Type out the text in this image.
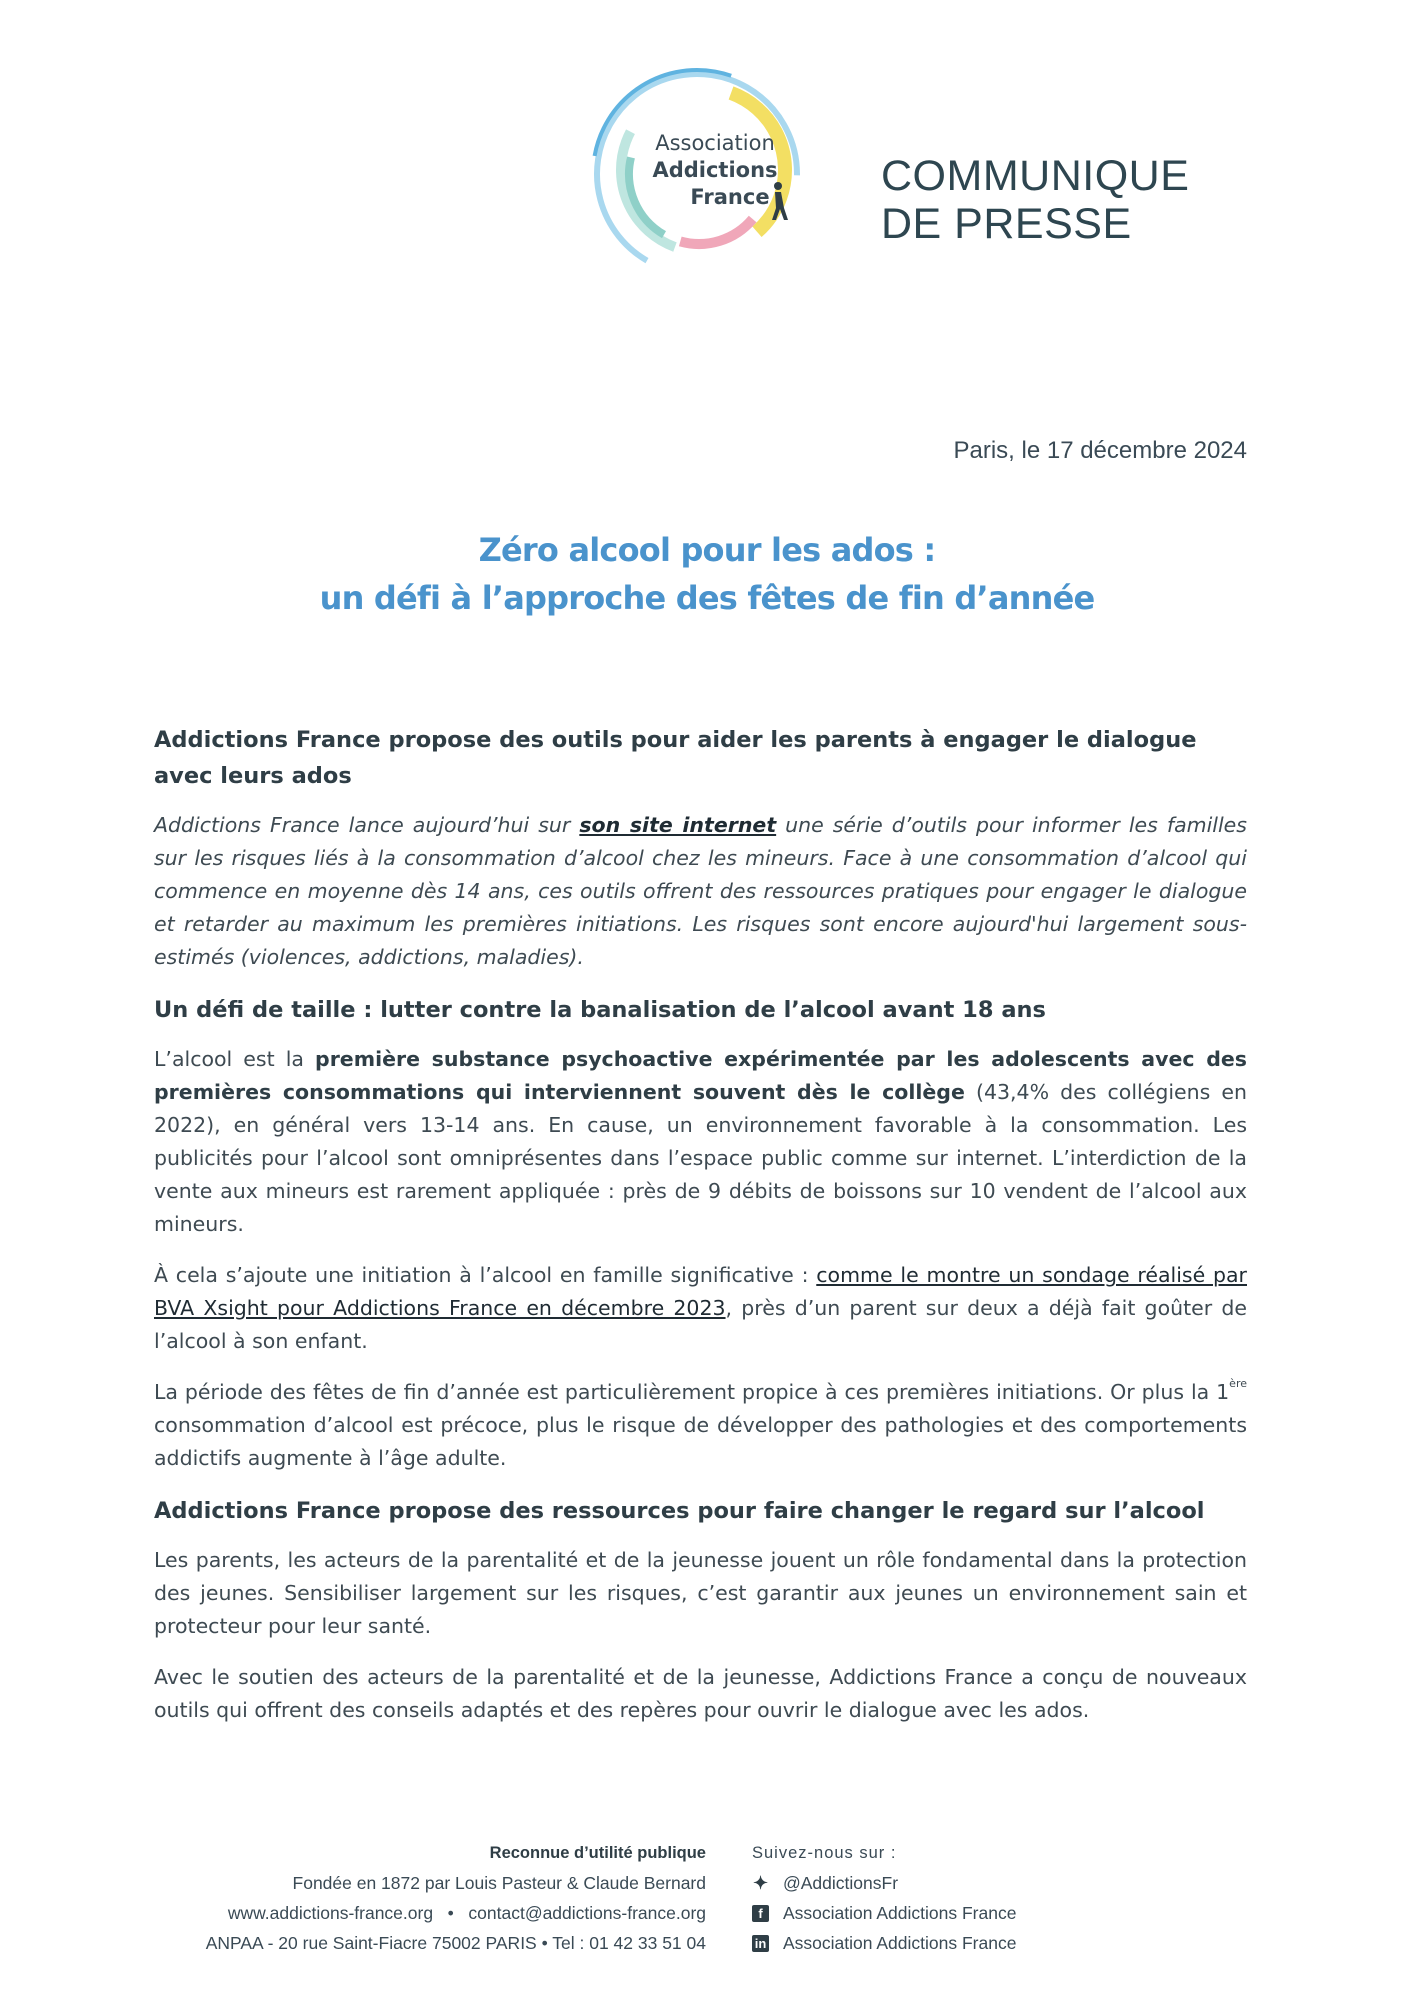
Association
Addictions
France	COMMUNIQUE
DE PRESSE
Paris, le 17 décembre 2024
Zéro alcool pour les ados :
un défi à l’approche des fêtes de fin d’année
Addictions France propose des outils pour aider les parents à engager le dialogue avec leurs ados

Addictions France lance aujourd’hui sur son site internet une série d’outils pour informer les familles sur les risques liés à la consommation d’alcool chez les mineurs. Face à une consommation d’alcool qui commence en moyenne dès 14 ans, ces outils offrent des ressources pratiques pour engager le dialogue et retarder au maximum les premières initiations. Les risques sont encore aujourd'hui largement sous-estimés (violences, addictions, maladies).

Un défi de taille : lutter contre la banalisation de l’alcool avant 18 ans

L’alcool est la première substance psychoactive expérimentée par les adolescents avec des premières consommations qui interviennent souvent dès le collège (43,4% des collégiens en 2022), en général vers 13-14 ans. En cause, un environnement favorable à la consommation. Les publicités pour l’alcool sont omniprésentes dans l’espace public comme sur internet. L’interdiction de la vente aux mineurs est rarement appliquée : près de 9 débits de boissons sur 10 vendent de l’alcool aux mineurs.

À cela s’ajoute une initiation à l’alcool en famille significative : comme le montre un sondage réalisé par BVA Xsight pour Addictions France en décembre 2023, près d’un parent sur deux a déjà fait goûter de l’alcool à son enfant.

La période des fêtes de fin d’année est particulièrement propice à ces premières initiations. Or plus la 1ère consommation d’alcool est précoce, plus le risque de développer des pathologies et des comportements addictifs augmente à l’âge adulte.

Addictions France propose des ressources pour faire changer le regard sur l’alcool

Les parents, les acteurs de la parentalité et de la jeunesse jouent un rôle fondamental dans la protection des jeunes. Sensibiliser largement sur les risques, c’est garantir aux jeunes un environnement sain et protecteur pour leur santé.

Avec le soutien des acteurs de la parentalité et de la jeunesse, Addictions France a conçu de nouveaux outils qui offrent des conseils adaptés et des repères pour ouvrir le dialogue avec les ados.

Reconnue d’utilité publique
Fondée en 1872 par Louis Pasteur & Claude Bernard
www.addictions-france.org • contact@addictions-france.org
ANPAA - 20 rue Saint-Fiacre 75002 PARIS • Tel : 01 42 33 51 04
Suivez-nous sur :
✦ @AddictionsFr
f	Association Addictions France
in Association Addictions France
